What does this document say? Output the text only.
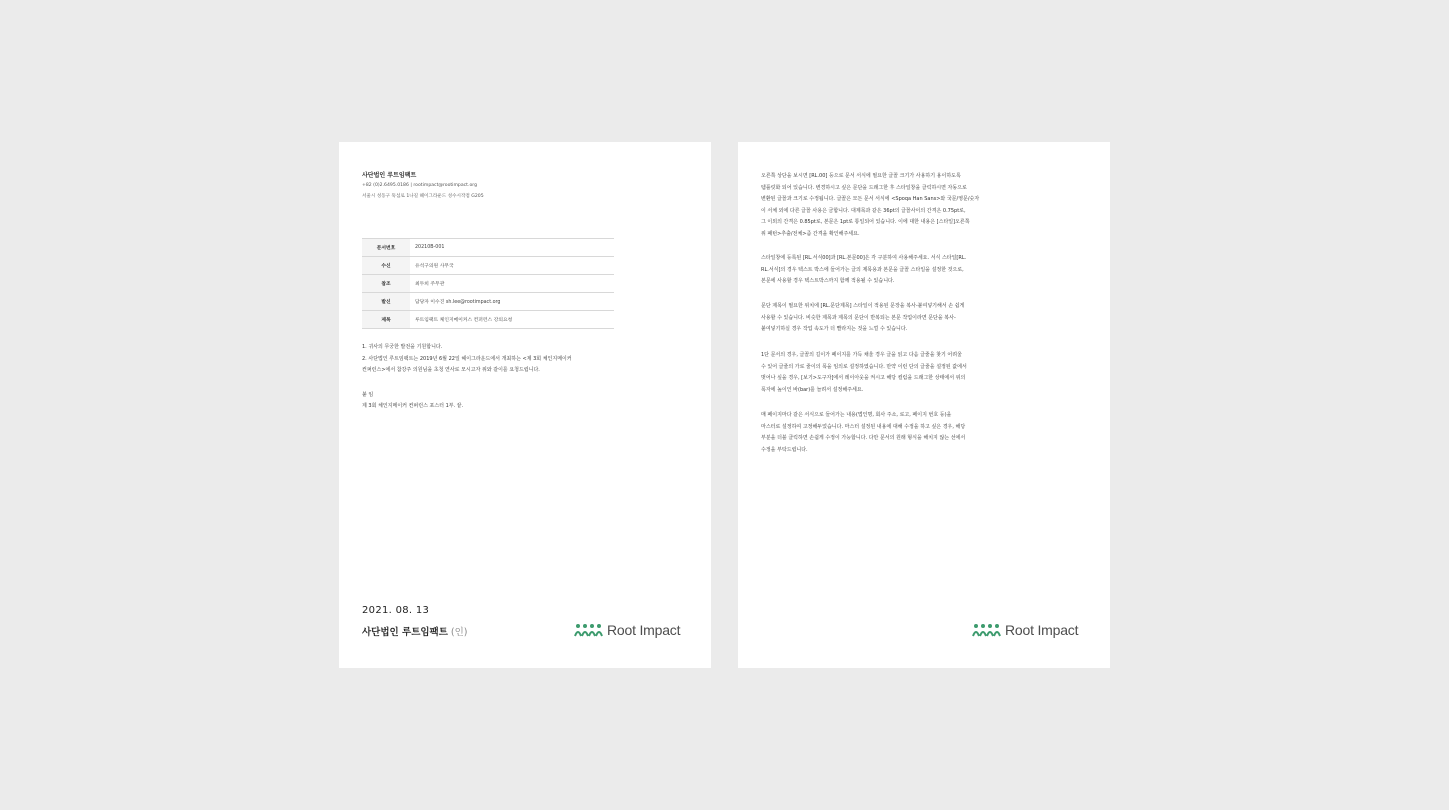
사단법인 루트임팩트
+82 (0)2.6495.0186 | rootimpact@rootimpact.org
서울시 성동구 뚝섬로 1나길 헤이그라운드 성수시작점 G205
문서번호	20210B-001
수신	유석구의원 사무국
참조	최두희 주무관
발신	담당자 이수진 sh.lee@rootimpact.org
제목	루트임팩트 체인지메이커스 컨퍼런스 강의요청
1. 귀사의 무궁한 발전을 기원합니다.
2. 사단법인 루트임팩트는 2019년 6월 22일 헤이그라운드에서 개최하는 <제 3회 체인지메이커
컨퍼런스>에서 참강주 의원님을 초청 연사로 모시고자 위와 같이를 요청드립니다.
붙 임
제 3회 체인지메이커 컨퍼런스 포스터 1부. 끝.
2021. 08. 13
사단법인 루트임팩트 (인)	Root Impact
오른쪽 상단을 보시면 [RL.00] 등으로 문서 서식에 필요한 글꼴 크기가 사용하기 용이하도록
템플릿화 되어 있습니다. 변경하시고 싶은 문단을 드래그한 후 스타일창을 클릭하시면 자동으로
변환된 글꼴과 크기로 수정됩니다. 글꼴은 모든 문서 서식에 <Spoqa Han Sans>와 국문/영문/숫자
이 서체 외에 다른 글꼴 사용은 금합니다. 대제목과 같은 36pt의 글꼴사이의 간격은 0.75pt로,
그 이외의 간격은 0.85pt로, 본문은 1pt로 통일되어 있습니다. 이에 대한 내용은 [스타일]오른쪽
위 패턴>추출/전체>즘 간격을 확인해주세요.
스타일창에 등록된 [RL.서식00]과 [RL.본문00]은 각 구분하여 사용해주세요. 서식 스타일[RL.
RL.서식]의 경우 텍스트 박스에 들어가는 글의 제목용과 본문을 글꼴 스타일을 설정한 것으로,
본문에 사용할 경우 텍스트박스까지 함께 적용될 수 있습니다.
문단 제목이 필요한 위치에 [RL.문단제목] 스타일이 적용된 문장을 복사-붙여넣기해서 손 쉽게
사용할 수 있습니다. 비슷한 제목과 제목의 문단이 반복되는 본문 작업이라면 문단을 복사-
붙여넣기하실 경우 작업 속도가 더 빨라지는 것을 느낄 수 있습니다.
1단 문서의 경우, 글꼴의 길이가 페이지를 가득 채울 경우 글을 읽고 다음 글줄을 찾기 어려울
수 있어 글줄의 가로 줄이의 폭을 임의로 설정하였습니다. 만약 이런 단의 글줄을 설정된 값에서
벗어나 싶을 경우, [보기>도구자]에서 레이아웃을 켜시고 해당 컬럼을 드래그한 상태에서 위의
폭자에 높이인 바(bar)를 늘려서 설정해주세요.
매 페이지마다 같은 서식으로 들어가는 내용(법인명, 회사 주소, 로고, 페이지 번호 등)을
마스터로 설정하여 고정해두었습니다. 마스터 설정된 내용에 대해 수정을 하고 싶은 경우, 해당
부분을 더블 클릭하면 손쉽게 수정이 가능합니다. 다만 문서의 원래 형식을 해치지 않는 선에서
수정을 부탁드립니다.
Root Impact
